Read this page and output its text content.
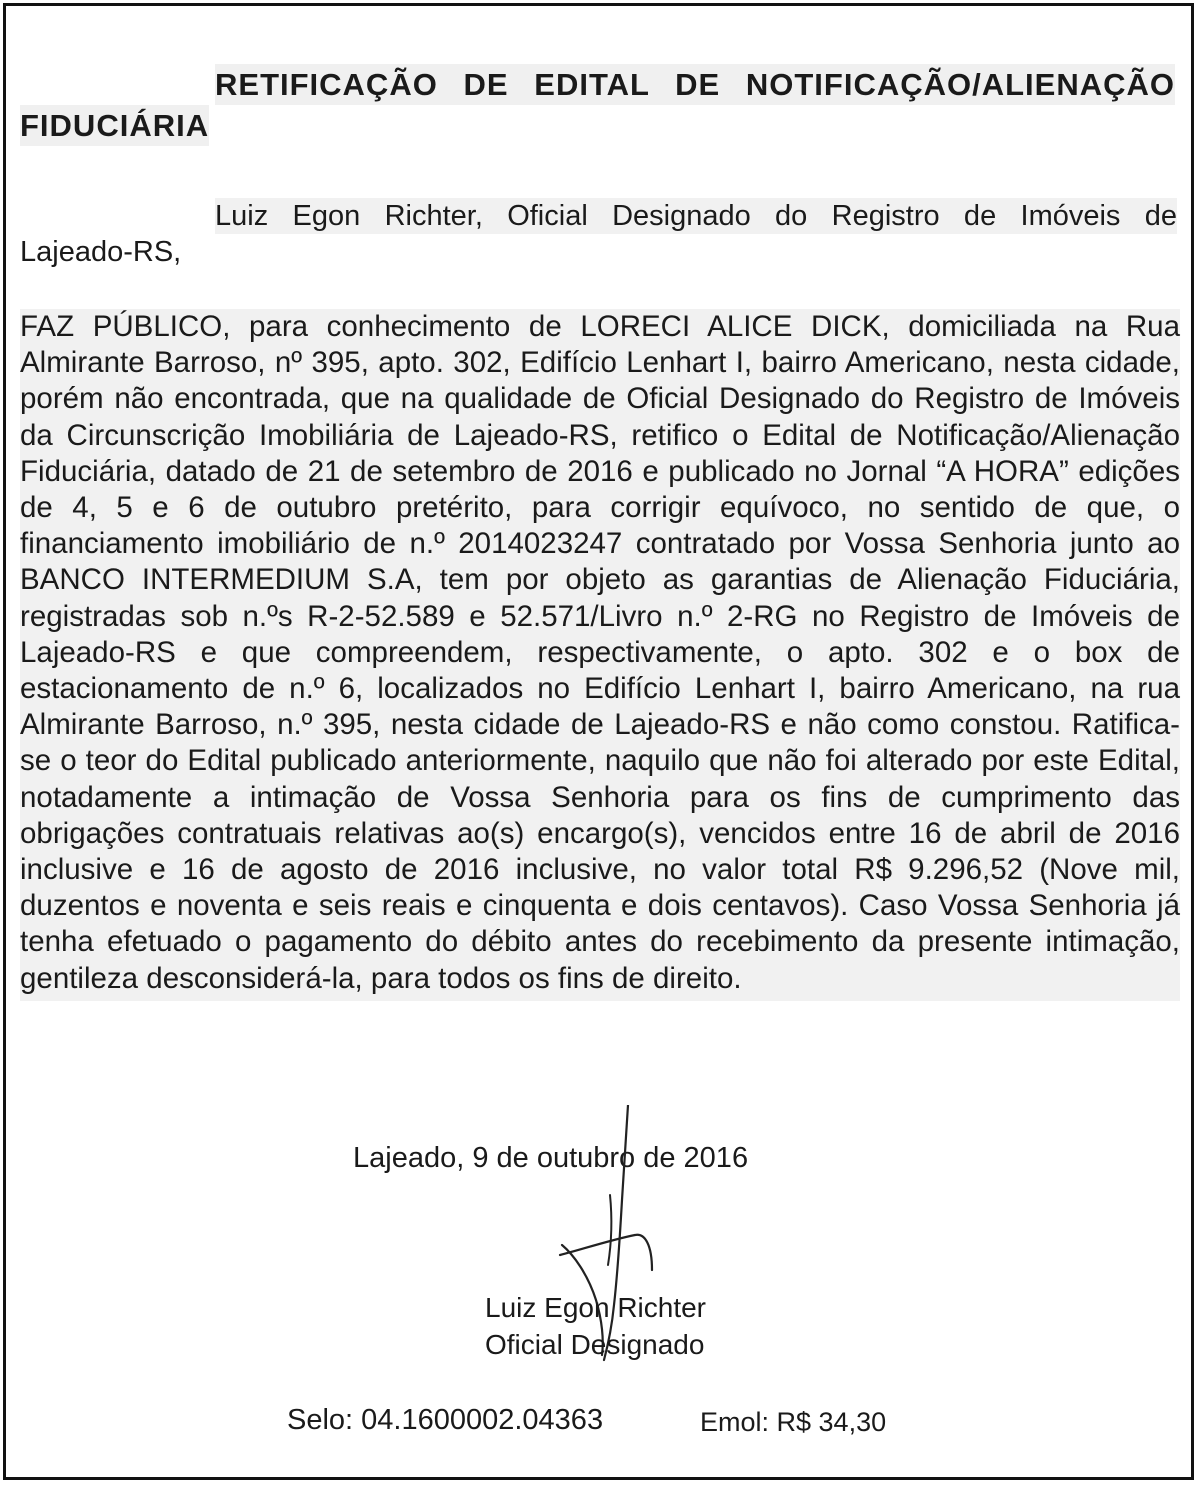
RETIFICAÇÃO DE EDITAL DE NOTIFICAÇÃO/ALIENAÇÃO
FIDUCIÁRIA

Luiz Egon Richter, Oficial Designado do Registro de Imóveis de
Lajeado-RS,

FAZ PÚBLICO, para conhecimento de LORECI ALICE DICK, domiciliada na Rua Almirante Barroso, nº 395, apto. 302, Edifício Lenhart I, bairro Americano, nesta cidade, porém não encontrada, que na qualidade de Oficial Designado do Registro de Imóveis da Circunscrição Imobiliária de Lajeado-RS, retifico o Edital de Notificação/Alienação Fiduciária, datado de 21 de setembro de 2016 e publicado no Jornal “A HORA” edições de 4, 5 e 6 de outubro pretérito, para corrigir equívoco, no sentido de que, o financiamento imobiliário de n.º 2014023247 contratado por Vossa Senhoria junto ao BANCO INTERMEDIUM S.A, tem por objeto as garantias de Alienação Fiduciária, registradas sob n.ºs R-2-52.589 e 52.571/Livro n.º 2-RG no Registro de Imóveis de Lajeado-RS e que compreendem, respectivamente, o apto. 302 e o box de estacionamento de n.º 6, localizados no Edifício Lenhart I, bairro Americano, na rua Almirante Barroso, n.º 395, nesta cidade de Lajeado-RS e não como constou. Ratifica-se o teor do Edital publicado anteriormente, naquilo que não foi alterado por este Edital, notadamente a intimação de Vossa Senhoria para os fins de cumprimento das obrigações contratuais relativas ao(s) encargo(s), vencidos entre 16 de abril de 2016 inclusive e 16 de agosto de 2016 inclusive, no valor total R$ 9.296,52 (Nove mil, duzentos e noventa e seis reais e cinquenta e dois centavos). Caso Vossa Senhoria já tenha efetuado o pagamento do débito antes do recebimento da presente intimação, gentileza desconsiderá-la, para todos os fins de direito.

Lajeado, 9 de outubro de 2016

Luiz Egon Richter

Oficial Designado

Selo: 04.1600002.04363	Emol: R$ 34,30
